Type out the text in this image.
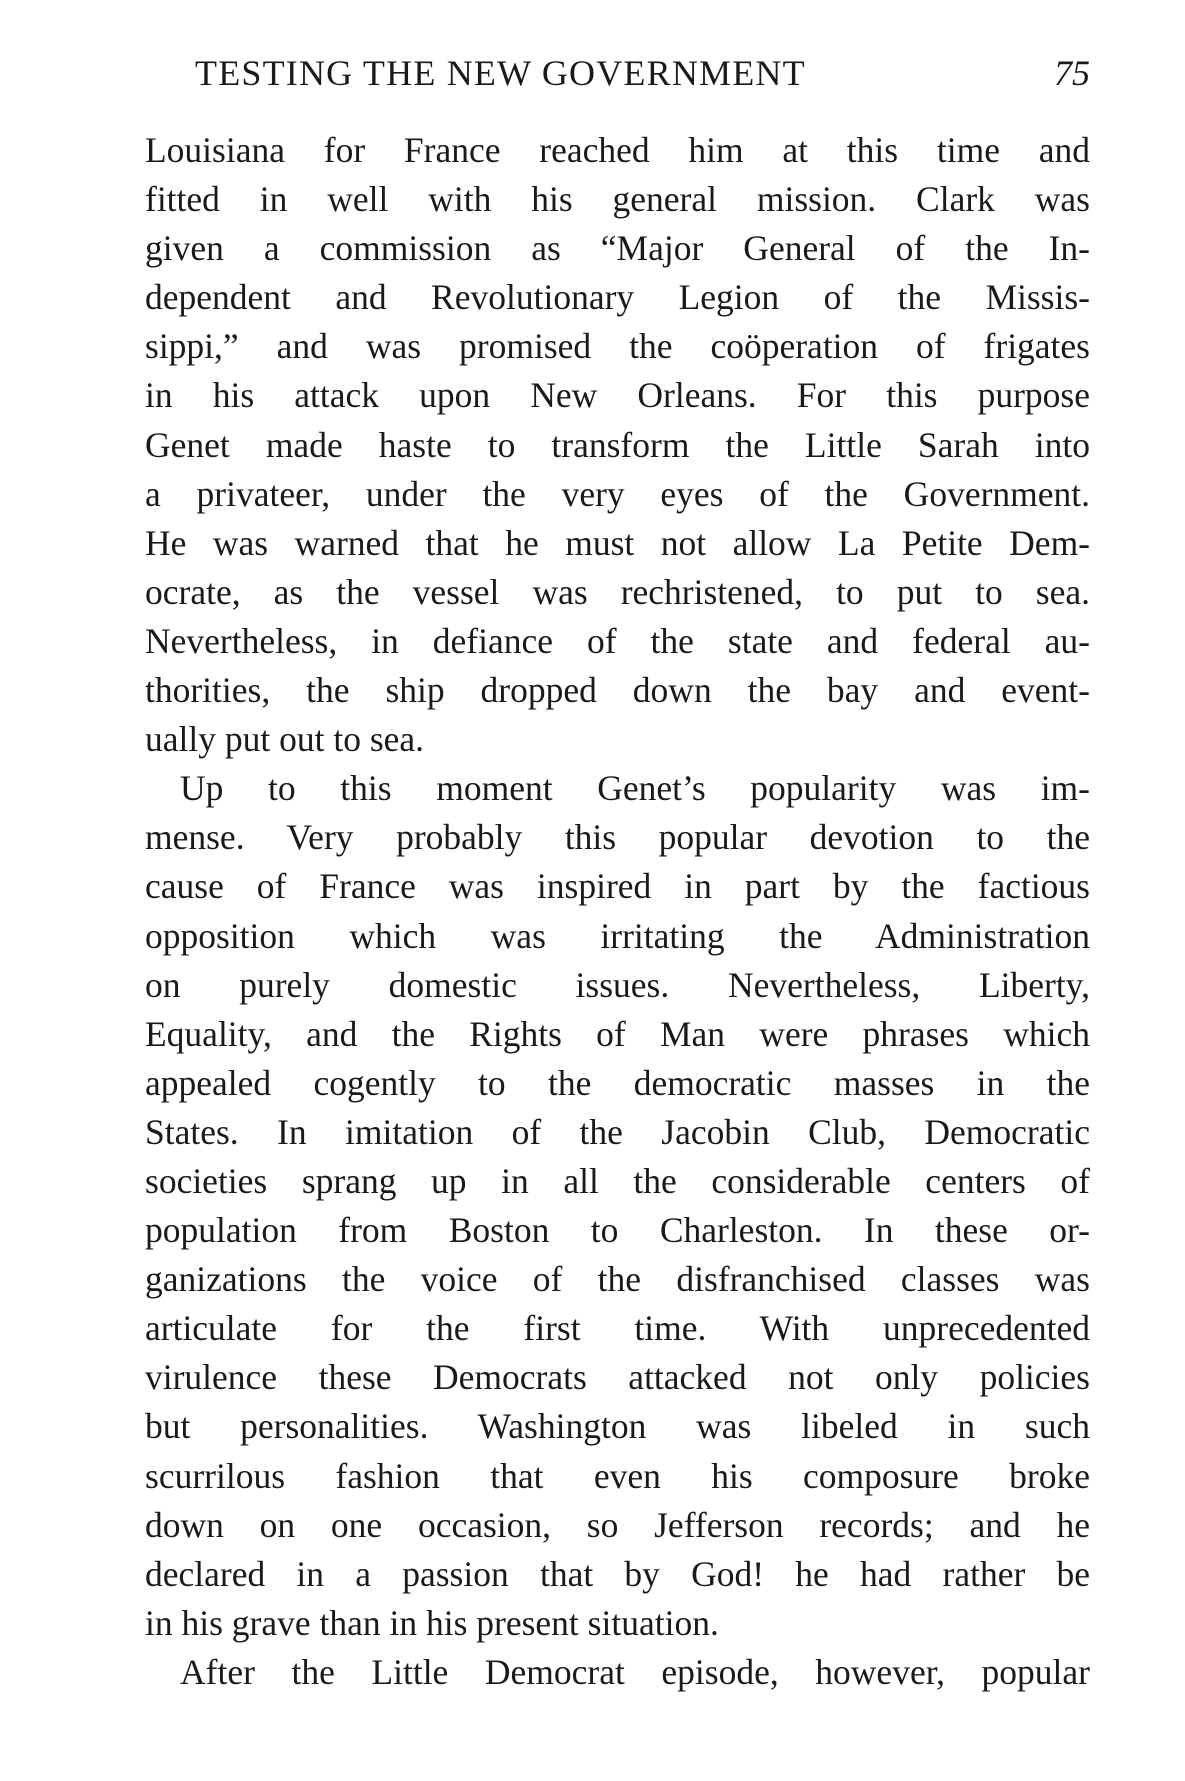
TESTING THE NEW GOVERNMENT	75
Louisiana for France reached him at this time and
fitted in well with his general mission. Clark was
given a commission as “Major General of the In-
dependent and Revolutionary Legion of the Missis-
sippi,” and was promised the coöperation of frigates
in his attack upon New Orleans. For this purpose
Genet made haste to transform the Little Sarah into
a privateer, under the very eyes of the Government.
He was warned that he must not allow La Petite Dem-
ocrate, as the vessel was rechristened, to put to sea.
Nevertheless, in defiance of the state and federal au-
thorities, the ship dropped down the bay and event-
ually put out to sea.
Up to this moment Genet’s popularity was im-
mense. Very probably this popular devotion to the
cause of France was inspired in part by the factious
opposition which was irritating the Administration
on purely domestic issues. Nevertheless, Liberty,
Equality, and the Rights of Man were phrases which
appealed cogently to the democratic masses in the
States. In imitation of the Jacobin Club, Democratic
societies sprang up in all the considerable centers of
population from Boston to Charleston. In these or-
ganizations the voice of the disfranchised classes was
articulate for the first time. With unprecedented
virulence these Democrats attacked not only policies
but personalities. Washington was libeled in such
scurrilous fashion that even his composure broke
down on one occasion, so Jefferson records; and he
declared in a passion that by God! he had rather be
in his grave than in his present situation.
After the Little Democrat episode, however, popular
